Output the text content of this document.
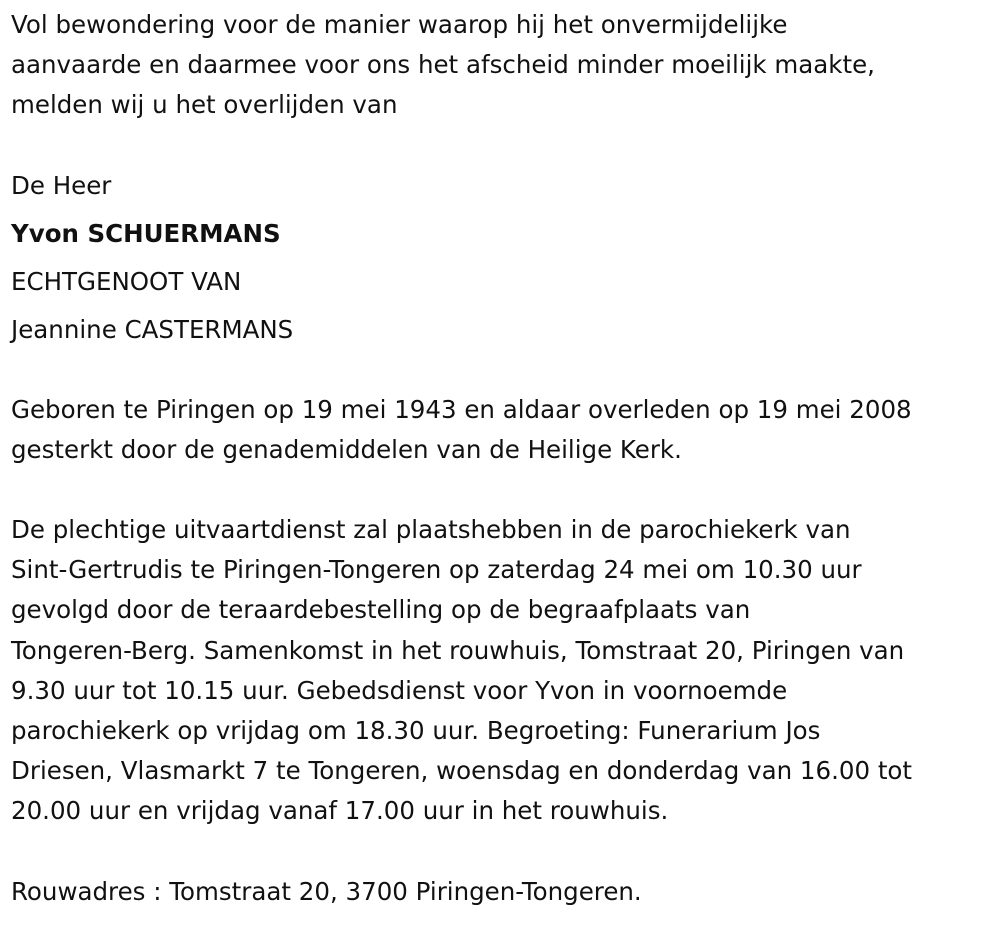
Vol bewondering voor de manier waarop hij het onvermijdelijke
aanvaarde en daarmee voor ons het afscheid minder moeilijk maakte,
melden wij u het overlijden van

De Heer
Yvon SCHUERMANS
ECHTGENOOT VAN
Jeannine CASTERMANS

Geboren te Piringen op 19 mei 1943 en aldaar overleden op 19 mei 2008
gesterkt door de genademiddelen van de Heilige Kerk.

De plechtige uitvaartdienst zal plaatshebben in de parochiekerk van
Sint-Gertrudis te Piringen-Tongeren op zaterdag 24 mei om 10.30 uur
gevolgd door de teraardebestelling op de begraafplaats van
Tongeren-Berg. Samenkomst in het rouwhuis, Tomstraat 20, Piringen van
9.30 uur tot 10.15 uur. Gebedsdienst voor Yvon in voornoemde
parochiekerk op vrijdag om 18.30 uur. Begroeting: Funerarium Jos
Driesen, Vlasmarkt 7 te Tongeren, woensdag en donderdag van 16.00 tot
20.00 uur en vrijdag vanaf 17.00 uur in het rouwhuis.

Rouwadres : Tomstraat 20, 3700 Piringen-Tongeren.
